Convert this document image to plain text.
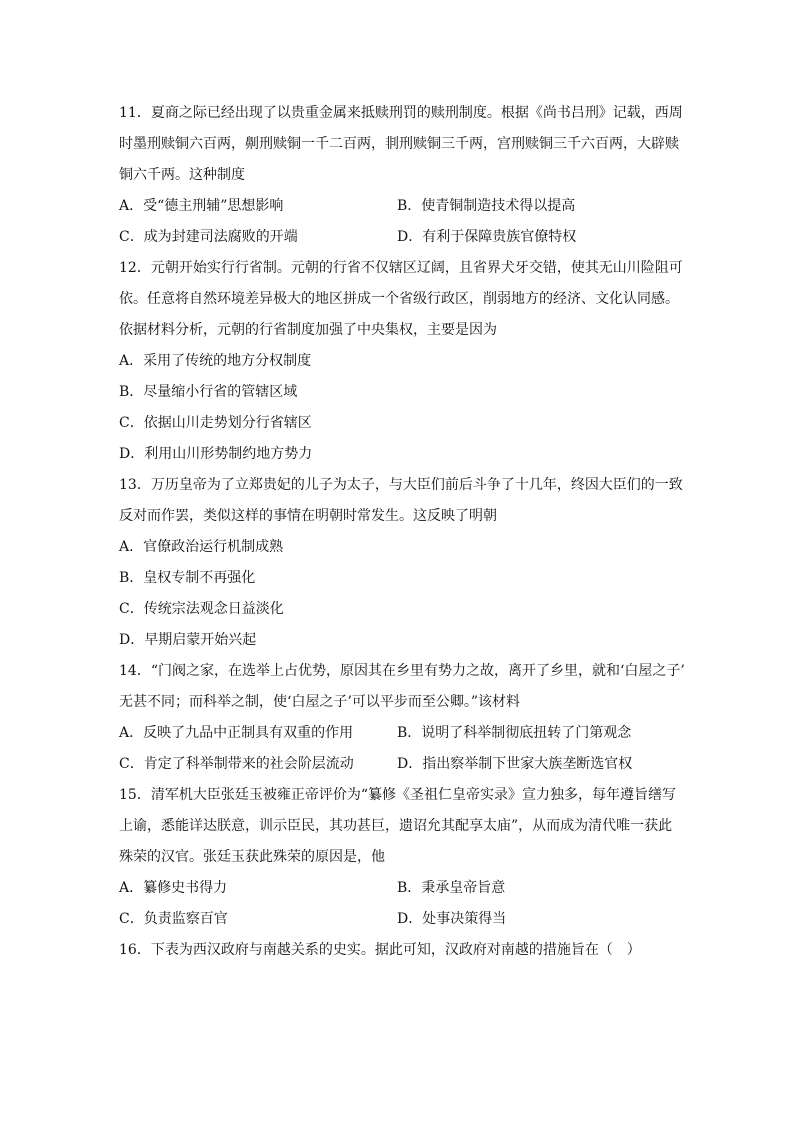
11．夏商之际已经出现了以贵重金属来抵赎刑罚的赎刑制度。根据《尚书吕刑》记载，西周
时墨刑赎铜六百两，劓刑赎铜一千二百两，剕刑赎铜三千两，宫刑赎铜三千六百两，大辟赎
铜六千两。这种制度
A．受“德主刑辅”思想影响	B．使青铜制造技术得以提高
C．成为封建司法腐败的开端	D．有利于保障贵族官僚特权
12．元朝开始实行行省制。元朝的行省不仅辖区辽阔，且省界犬牙交错，使其无山川险阻可
依。任意将自然环境差异极大的地区拼成一个省级行政区，削弱地方的经济、文化认同感。
依据材料分析，元朝的行省制度加强了中央集权，主要是因为
A．采用了传统的地方分权制度
B．尽量缩小行省的管辖区域
C．依据山川走势划分行省辖区
D．利用山川形势制约地方势力
13．万历皇帝为了立郑贵妃的儿子为太子，与大臣们前后斗争了十几年，终因大臣们的一致
反对而作罢，类似这样的事情在明朝时常发生。这反映了明朝
A．官僚政治运行机制成熟
B．皇权专制不再强化
C．传统宗法观念日益淡化
D．早期启蒙开始兴起
14．“门阀之家，在选举上占优势，原因其在乡里有势力之故，离开了乡里，就和‘白屋之子’
无甚不同；而科举之制，使‘白屋之子’可以平步而至公卿。”该材料
A．反映了九品中正制具有双重的作用	B．说明了科举制彻底扭转了门第观念
C．肯定了科举制带来的社会阶层流动	D．指出察举制下世家大族垄断选官权
15．清军机大臣张廷玉被雍正帝评价为“纂修《圣祖仁皇帝实录》宣力独多，每年遵旨缮写
上谕，悉能详达朕意，训示臣民，其功甚巨，遗诏允其配享太庙”，从而成为清代唯一获此
殊荣的汉官。张廷玉获此殊荣的原因是，他
A．纂修史书得力	B．秉承皇帝旨意
C．负责监察百官	D．处事决策得当
16．下表为西汉政府与南越关系的史实。据此可知，汉政府对南越的措施旨在（　）
